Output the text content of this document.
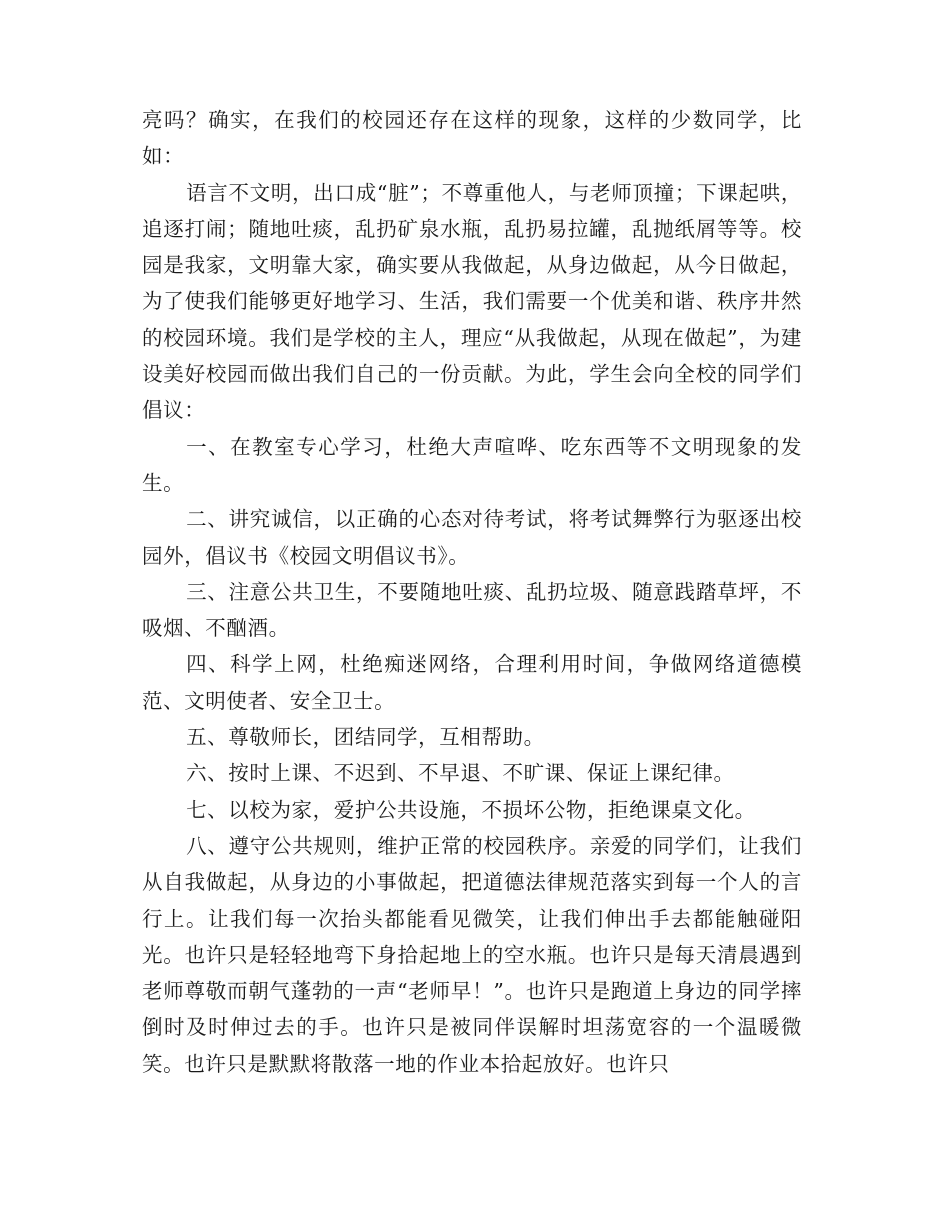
亮吗？确实，在我们的校园还存在这样的现象，这样的少数同学，比如：

语言不文明，出口成“脏”；不尊重他人，与老师顶撞；下课起哄，追逐打闹；随地吐痰，乱扔矿泉水瓶，乱扔易拉罐，乱抛纸屑等等。校园是我家，文明靠大家，确实要从我做起，从身边做起，从今日做起，为了使我们能够更好地学习、生活，我们需要一个优美和谐、秩序井然的校园环境。我们是学校的主人，理应“从我做起，从现在做起”，为建设美好校园而做出我们自己的一份贡献。为此，学生会向全校的同学们倡议：

一、在教室专心学习，杜绝大声喧哗、吃东西等不文明现象的发生。

二、讲究诚信，以正确的心态对待考试，将考试舞弊行为驱逐出校园外，倡议书《校园文明倡议书》。

三、注意公共卫生，不要随地吐痰、乱扔垃圾、随意践踏草坪，不吸烟、不酗酒。

四、科学上网，杜绝痴迷网络，合理利用时间，争做网络道德模范、文明使者、安全卫士。

五、尊敬师长，团结同学，互相帮助。

六、按时上课、不迟到、不早退、不旷课、保证上课纪律。

七、以校为家，爱护公共设施，不损坏公物，拒绝课桌文化。

八、遵守公共规则，维护正常的校园秩序。亲爱的同学们，让我们从自我做起，从身边的小事做起，把道德法律规范落实到每一个人的言行上。让我们每一次抬头都能看见微笑，让我们伸出手去都能触碰阳光。也许只是轻轻地弯下身拾起地上的空水瓶。也许只是每天清晨遇到老师尊敬而朝气蓬勃的一声“老师早！”。也许只是跑道上身边的同学摔倒时及时伸过去的手。也许只是被同伴误解时坦荡宽容的一个温暖微笑。也许只是默默将散落一地的作业本拾起放好。也许只
